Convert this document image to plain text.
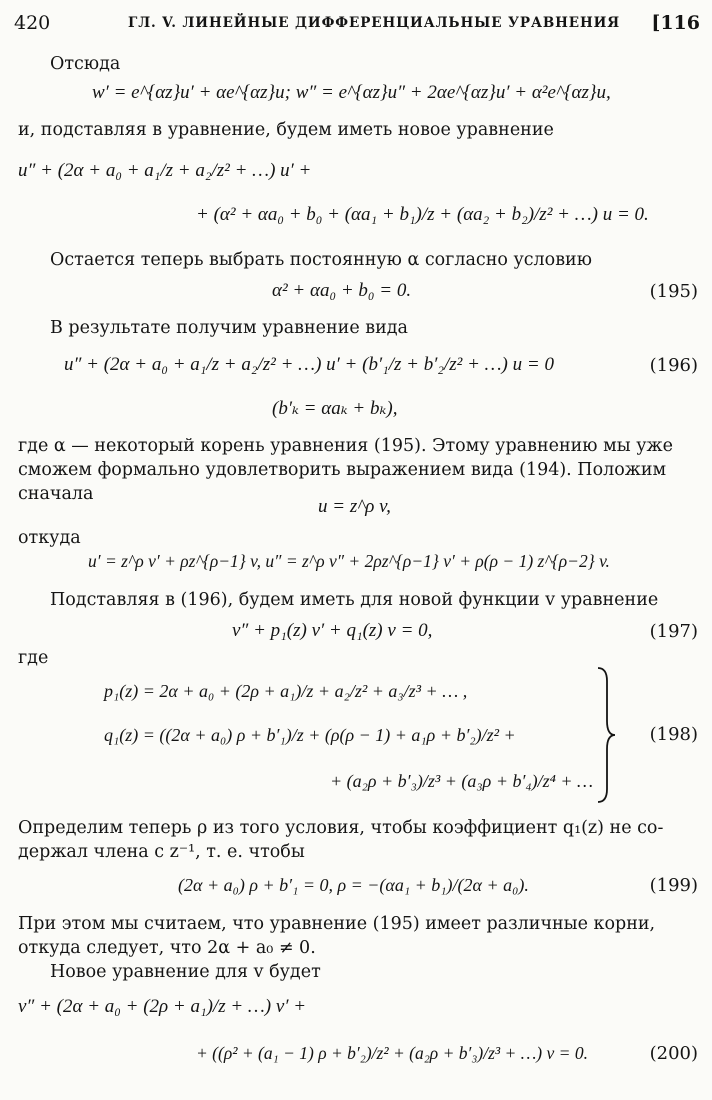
420	ГЛ. V. ЛИНЕЙНЫЕ ДИФФЕРЕНЦИАЛЬНЫЕ УРАВНЕНИЯ [116
Отсюда
w′ = e^{αz}u′ + αe^{αz}u; w″ = e^{αz}u″ + 2αe^{αz}u′ + α²e^{αz}u,
и, подставляя в уравнение, будем иметь новое уравнение
u″ + (2α + a₀ + a₁/z + a₂/z² + …) u′ +
+ (α² + αa₀ + b₀ + (αa₁ + b₁)/z + (αa₂ + b₂)/z² + …) u = 0.
Остается теперь выбрать постоянную α согласно условию
α² + αa₀ + b₀ = 0.	(195)
В результате получим уравнение вида
u″ + (2α + a₀ + a₁/z + a₂/z² + …) u′ + (b′₁/z + b′₂/z² + …) u = 0	(196)
(b′ₖ = αaₖ + bₖ),
где α — некоторый корень уравнения (195). Этому уравнению мы уже
сможем формально удовлетворить выражением вида (194). Положим
сначала
u = z^ρ v,
откуда
u′ = z^ρ v′ + ρz^{ρ−1} v, u″ = z^ρ v″ + 2ρz^{ρ−1} v′ + ρ(ρ − 1) z^{ρ−2} v.
Подставляя в (196), будем иметь для новой функции v уравнение
v″ + p₁(z) v′ + q₁(z) v = 0,	(197)
где
p₁(z) = 2α + a₀ + (2ρ + a₁)/z + a₂/z² + a₃/z³ + … ,
q₁(z) = ((2α + a₀) ρ + b′₁)/z + (ρ(ρ − 1) + a₁ρ + b′₂)/z² +
+ (a₂ρ + b′₃)/z³ + (a₃ρ + b′₄)/z⁴ + …
(198)
Определим теперь ρ из того условия, чтобы коэффициент q₁(z) не со-
держал члена с z⁻¹, т. е. чтобы
(2α + a₀) ρ + b′₁ = 0, ρ = −(αa₁ + b₁)/(2α + a₀).	(199)
При этом мы считаем, что уравнение (195) имеет различные корни,
откуда следует, что 2α + a₀ ≠ 0.
Новое уравнение для v будет
v″ + (2α + a₀ + (2ρ + a₁)/z + …) v′ +
+ ((ρ² + (a₁ − 1) ρ + b′₂)/z² + (a₂ρ + b′₃)/z³ + …) v = 0.	(200)
